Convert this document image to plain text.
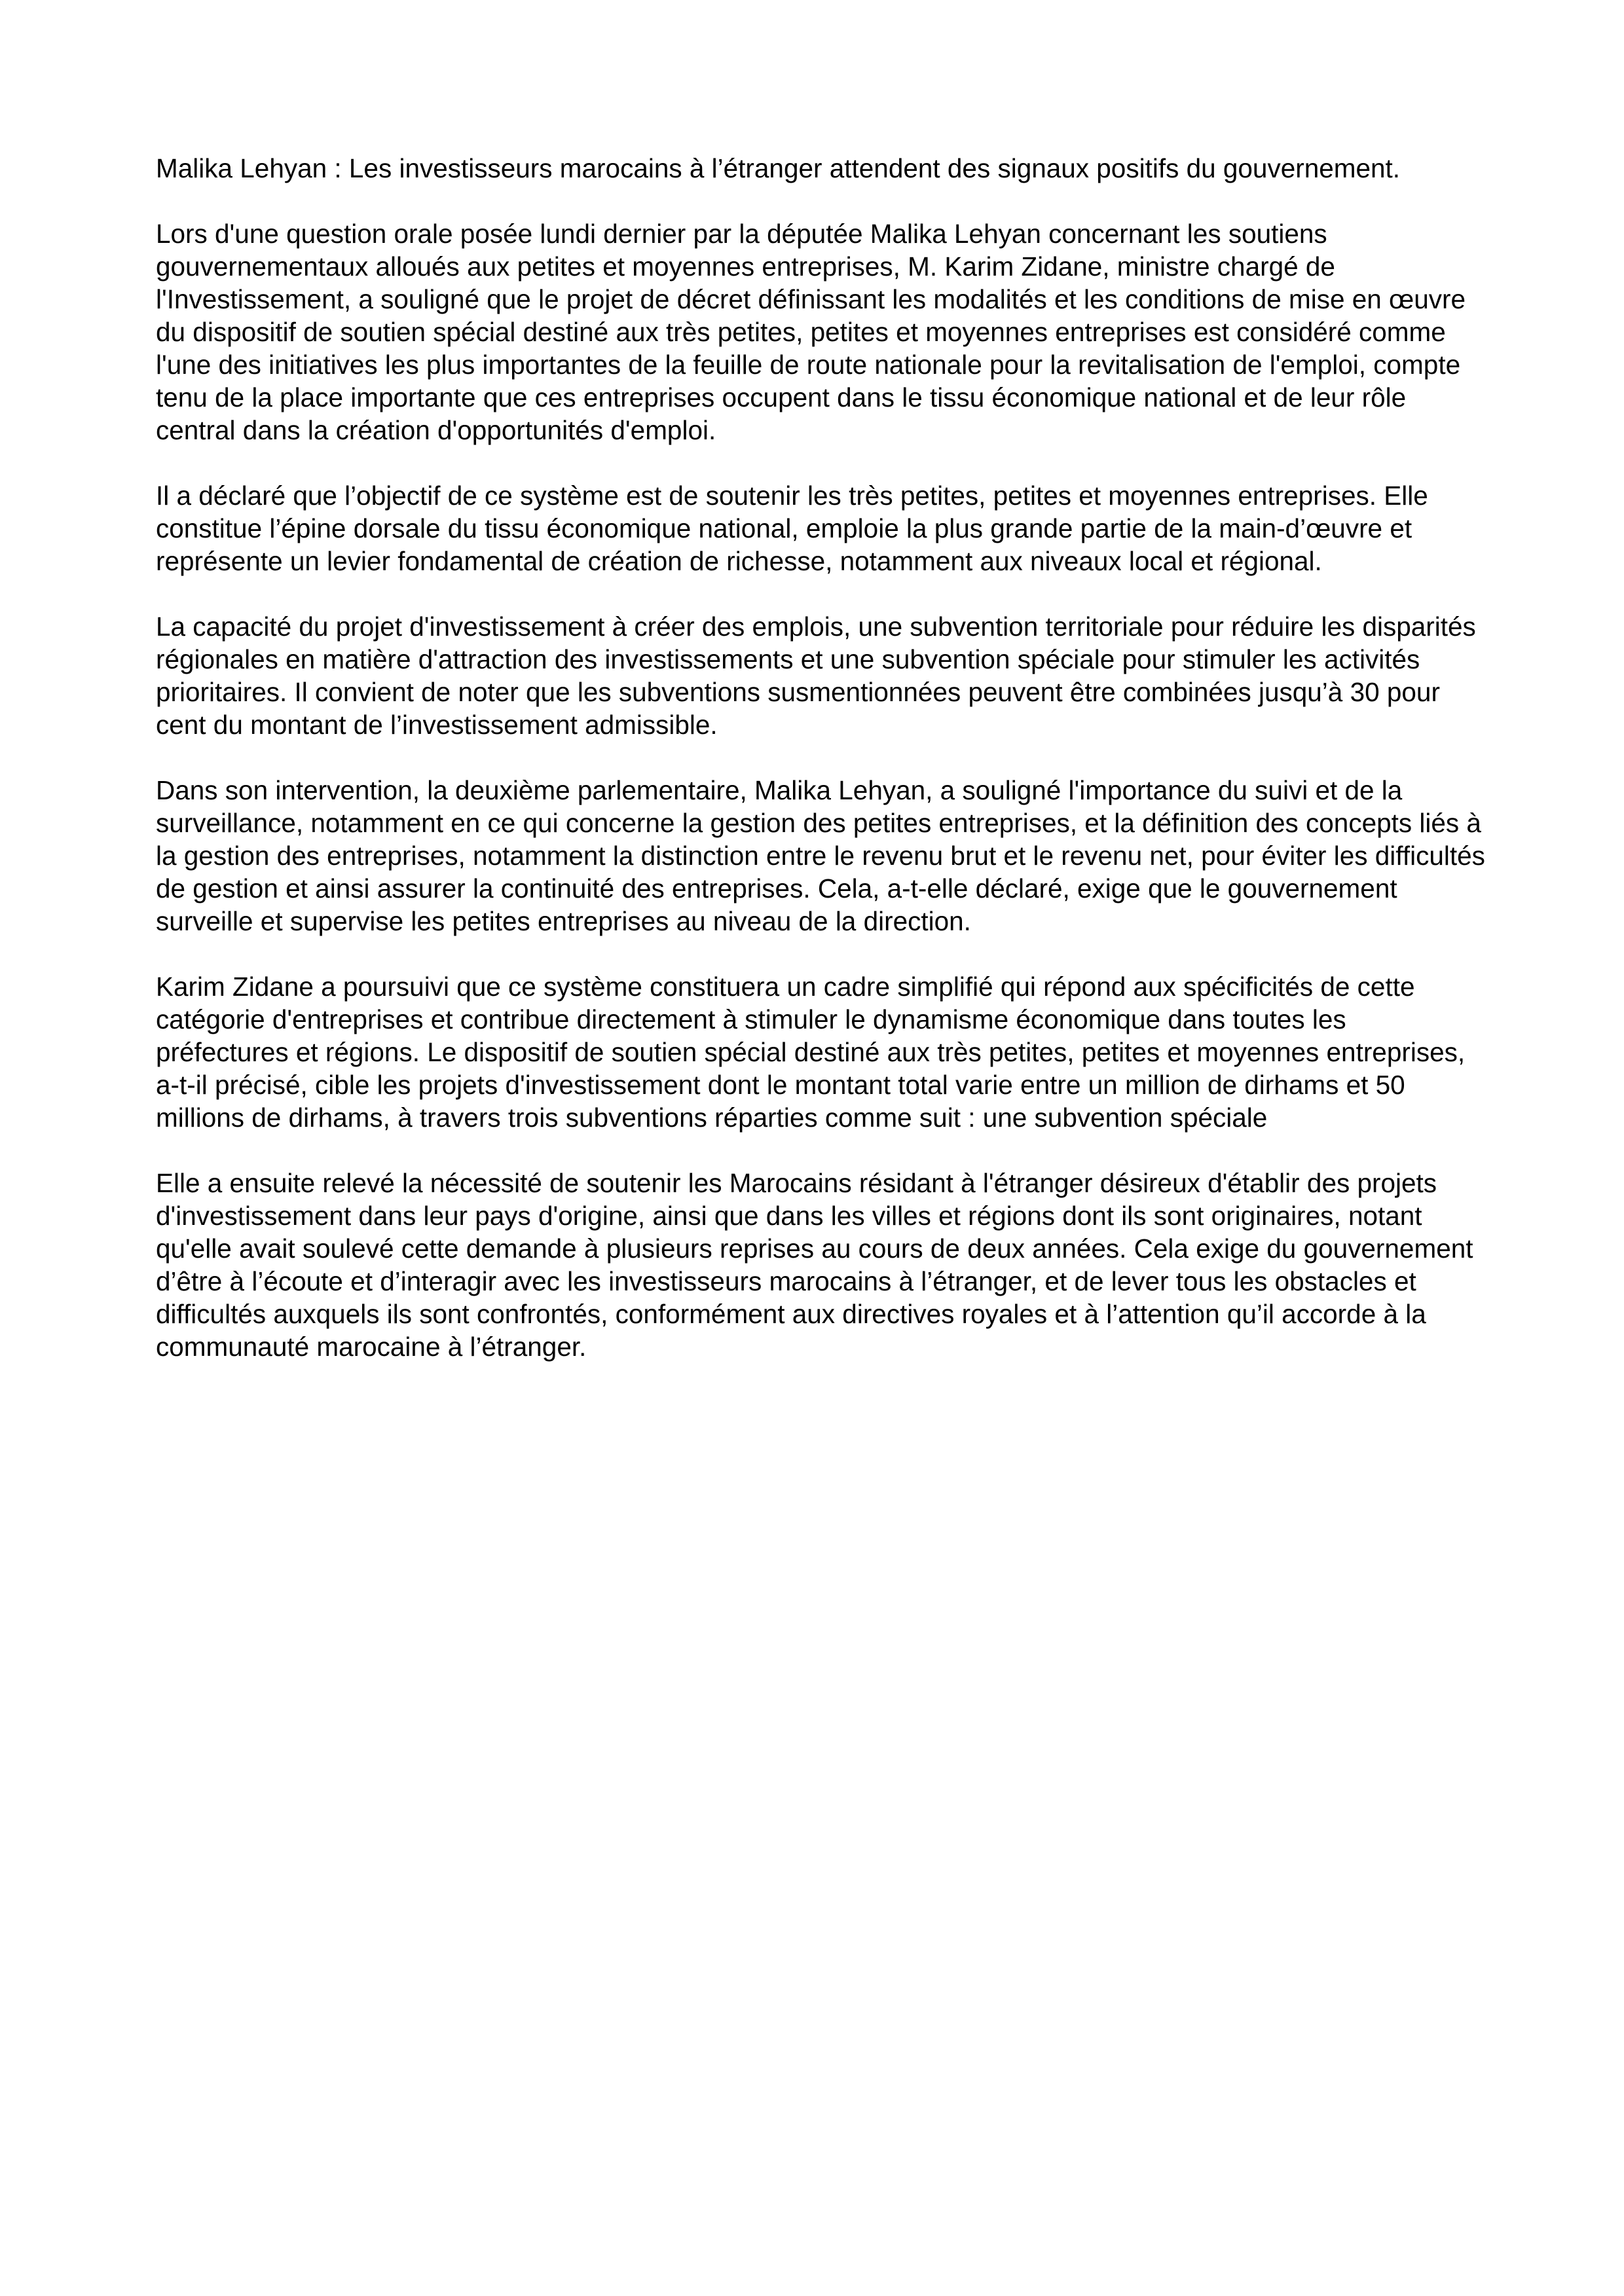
Malika Lehyan : Les investisseurs marocains à l’étranger attendent des signaux positifs du gouvernement.

Lors d'une question orale posée lundi dernier par la députée Malika Lehyan concernant les soutiens gouvernementaux alloués aux petites et moyennes entreprises, M. Karim Zidane, ministre chargé de l'Investissement, a souligné que le projet de décret définissant les modalités et les conditions de mise en œuvre du dispositif de soutien spécial destiné aux très petites, petites et moyennes entreprises est considéré comme l'une des initiatives les plus importantes de la feuille de route nationale pour la revitalisation de l'emploi, compte tenu de la place importante que ces entreprises occupent dans le tissu économique national et de leur rôle central dans la création d'opportunités d'emploi.

Il a déclaré que l’objectif de ce système est de soutenir les très petites, petites et moyennes entreprises. Elle constitue l’épine dorsale du tissu économique national, emploie la plus grande partie de la main-d’œuvre et représente un levier fondamental de création de richesse, notamment aux niveaux local et régional.

La capacité du projet d'investissement à créer des emplois, une subvention territoriale pour réduire les disparités régionales en matière d'attraction des investissements et une subvention spéciale pour stimuler les activités prioritaires. Il convient de noter que les subventions susmentionnées peuvent être combinées jusqu’à 30 pour cent du montant de l’investissement admissible.

Dans son intervention, la deuxième parlementaire, Malika Lehyan, a souligné l'importance du suivi et de la surveillance, notamment en ce qui concerne la gestion des petites entreprises, et la définition des concepts liés à la gestion des entreprises, notamment la distinction entre le revenu brut et le revenu net, pour éviter les difficultés de gestion et ainsi assurer la continuité des entreprises. Cela, a-t-elle déclaré, exige que le gouvernement surveille et supervise les petites entreprises au niveau de la direction.

Karim Zidane a poursuivi que ce système constituera un cadre simplifié qui répond aux spécificités de cette catégorie d'entreprises et contribue directement à stimuler le dynamisme économique dans toutes les préfectures et régions. Le dispositif de soutien spécial destiné aux très petites, petites et moyennes entreprises, a-t-il précisé, cible les projets d'investissement dont le montant total varie entre un million de dirhams et 50 millions de dirhams, à travers trois subventions réparties comme suit : une subvention spéciale

Elle a ensuite relevé la nécessité de soutenir les Marocains résidant à l'étranger désireux d'établir des projets d'investissement dans leur pays d'origine, ainsi que dans les villes et régions dont ils sont originaires, notant qu'elle avait soulevé cette demande à plusieurs reprises au cours de deux années. Cela exige du gouvernement d’être à l’écoute et d’interagir avec les investisseurs marocains à l’étranger, et de lever tous les obstacles et difficultés auxquels ils sont confrontés, conformément aux directives royales et à l’attention qu’il accorde à la communauté marocaine à l’étranger.
